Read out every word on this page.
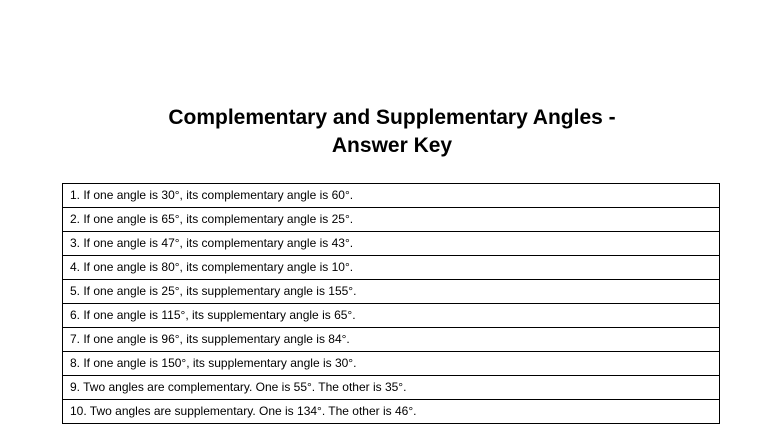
Complementary and Supplementary Angles -
Answer Key
1. If one angle is 30°, its complementary angle is 60°.
2. If one angle is 65°, its complementary angle is 25°.
3. If one angle is 47°, its complementary angle is 43°.
4. If one angle is 80°, its complementary angle is 10°.
5. If one angle is 25°, its supplementary angle is 155°.
6. If one angle is 115°, its supplementary angle is 65°.
7. If one angle is 96°, its supplementary angle is 84°.
8. If one angle is 150°, its supplementary angle is 30°.
9. Two angles are complementary. One is 55°. The other is 35°.
10. Two angles are supplementary. One is 134°. The other is 46°.
